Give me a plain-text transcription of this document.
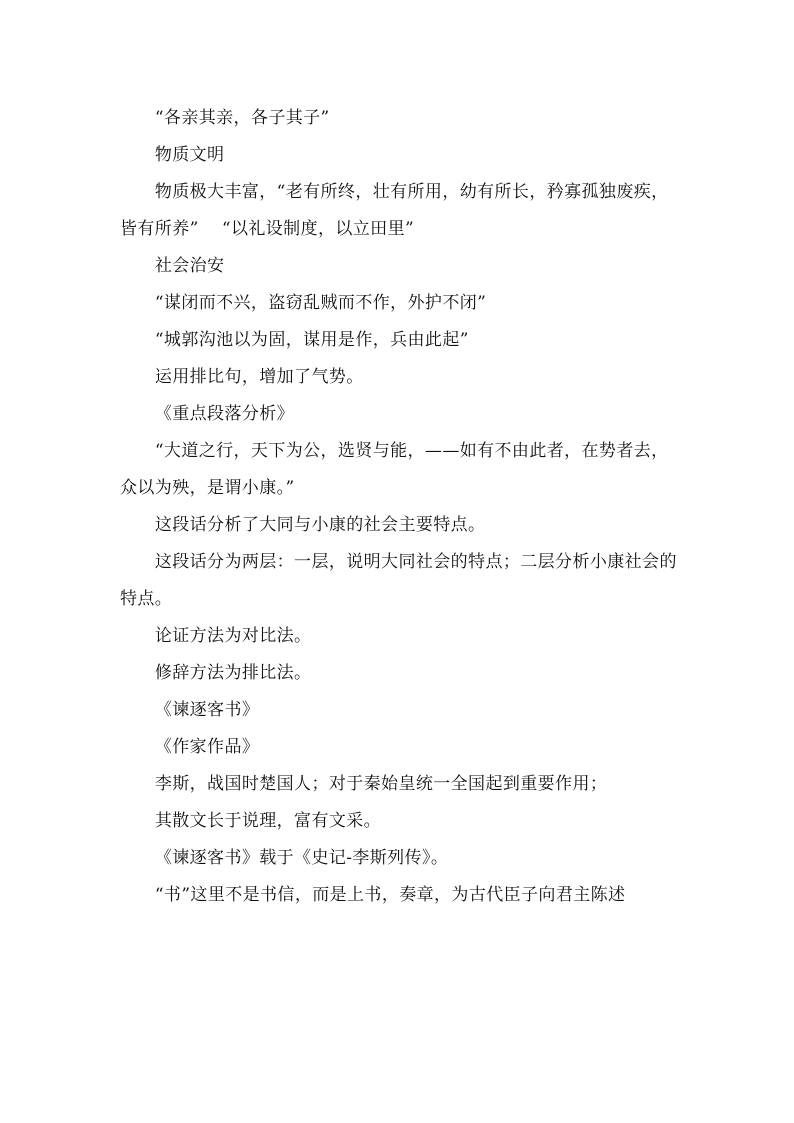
“各亲其亲，各子其子”

物质文明

物质极大丰富，“老有所终，壮有所用，幼有所长，矜寡孤独废疾，皆有所养”　 “以礼设制度，以立田里”

社会治安

“谋闭而不兴，盗窃乱贼而不作，外护不闭”

“城郭沟池以为固，谋用是作，兵由此起”

运用排比句，增加了气势。

《重点段落分析》

“大道之行，天下为公，选贤与能，——如有不由此者，在势者去，众以为殃，是谓小康。”

这段话分析了大同与小康的社会主要特点。

这段话分为两层：一层，说明大同社会的特点；二层分析小康社会的特点。

论证方法为对比法。

修辞方法为排比法。

《谏逐客书》

《作家作品》

李斯，战国时楚国人；对于秦始皇统一全国起到重要作用；

其散文长于说理，富有文采。

《谏逐客书》载于《史记-李斯列传》。

“书”这里不是书信，而是上书，奏章，为古代臣子向君主陈述
